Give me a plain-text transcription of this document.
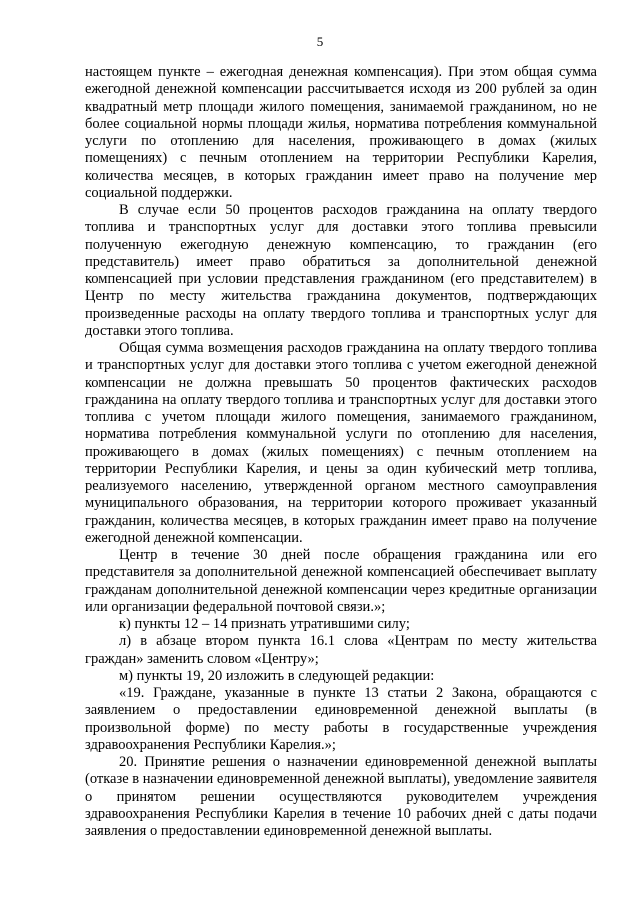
5

настоящем пункте – ежегодная денежная компенсация). При этом общая сумма ежегодной денежной компенсации рассчитывается исходя из 200 рублей за один квадратный метр площади жилого помещения, занимаемой гражданином, но не более социальной нормы площади жилья, норматива потребления коммунальной услуги по отоплению для населения, проживающего в домах (жилых помещениях) с печным отоплением на территории Республики Карелия, количества месяцев, в которых гражданин имеет право на получение мер социальной поддержки.

В случае если 50 процентов расходов гражданина на оплату твердого топлива и транспортных услуг для доставки этого топлива превысили полученную ежегодную денежную компенсацию, то гражданин (его представитель) имеет право обратиться за дополнительной денежной компенсацией при условии представления гражданином (его представителем) в Центр по месту жительства гражданина документов, подтверждающих произведенные расходы на оплату твердого топлива и транспортных услуг для доставки этого топлива.

Общая сумма возмещения расходов гражданина на оплату твердого топлива и транспортных услуг для доставки этого топлива с учетом ежегодной денежной компенсации не должна превышать 50 процентов фактических расходов гражданина на оплату твердого топлива и транспортных услуг для доставки этого топлива с учетом площади жилого помещения, занимаемого гражданином, норматива потребления коммунальной услуги по отоплению для населения, проживающего в домах (жилых помещениях) с печным отоплением на территории Республики Карелия, и цены за один кубический метр топлива, реализуемого населению, утвержденной органом местного самоуправления муниципального образования, на территории которого проживает указанный гражданин, количества месяцев, в которых гражданин имеет право на получение ежегодной денежной компенсации.

Центр в течение 30 дней после обращения гражданина или его представителя за дополнительной денежной компенсацией обеспечивает выплату гражданам дополнительной денежной компенсации через кредитные организации или организации федеральной почтовой связи.»;

к) пункты 12 – 14 признать утратившими силу;

л) в абзаце втором пункта 16.1 слова «Центрам по месту жительства граждан» заменить словом «Центру»;

м) пункты 19, 20 изложить в следующей редакции:

«19. Граждане, указанные в пункте 13 статьи 2 Закона, обращаются с заявлением о предоставлении единовременной денежной выплаты (в произвольной форме) по месту работы в государственные учреждения здравоохранения Республики Карелия.»;

20. Принятие решения о назначении единовременной денежной выплаты (отказе в назначении единовременной денежной выплаты), уведомление заявителя о принятом решении осуществляются руководителем учреждения здравоохранения Республики Карелия в течение 10 рабочих дней с даты подачи заявления о предоставлении единовременной денежной выплаты.
